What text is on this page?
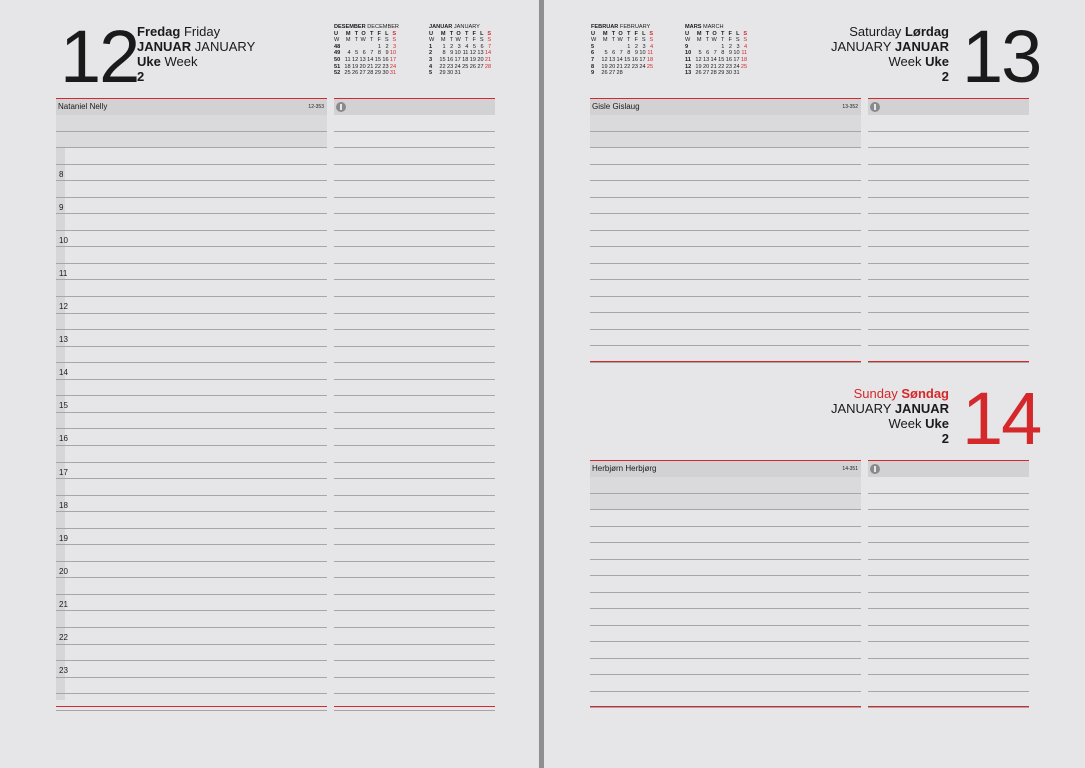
12
Fredag Friday
JANUAR JANUARY
Uke Week
2
DESEMBER DECEMBER
U	M	T	O	T	F	L	S
W	M	T	W	T	F	S	S
48					1	2	3
49	4	5	6	7	8	9	10
50	11	12	13	14	15	16	17
51	18	19	20	21	22	23	24
52	25	26	27	28	29	30	31
JANUAR JANUARY
U	M	T	O	T	F	L	S
W	M	T	W	T	F	S	S
1	1	2	3	4	5	6	7
2	8	9	10	11	12	13	14
3	15	16	17	18	19	20	21
4	22	23	24	25	26	27	28
5	29	30	31				
Nataniel Nelly	12-353
8
9
10
11
12
13
14
15
16
17
18
19
20
21
22
23
FEBRUAR FEBRUARY
U	M	T	O	T	F	L	S
W	M	T	W	T	F	S	S
5				1	2	3	4
6	5	6	7	8	9	10	11
7	12	13	14	15	16	17	18
8	19	20	21	22	23	24	25
9	26	27	28				
MARS MARCH
U	M	T	O	T	F	L	S
W	M	T	W	T	F	S	S
9				1	2	3	4
10	5	6	7	8	9	10	11
11	12	13	14	15	16	17	18
12	19	20	21	22	23	24	25
13	26	27	28	29	30	31	
Saturday Lørdag
JANUARY JANUAR
Week Uke
2 13
Gisle Gislaug	13-352
Sunday Søndag
JANUARY JANUAR
Week Uke
2 14
Herbjørn Herbjørg	14-351
